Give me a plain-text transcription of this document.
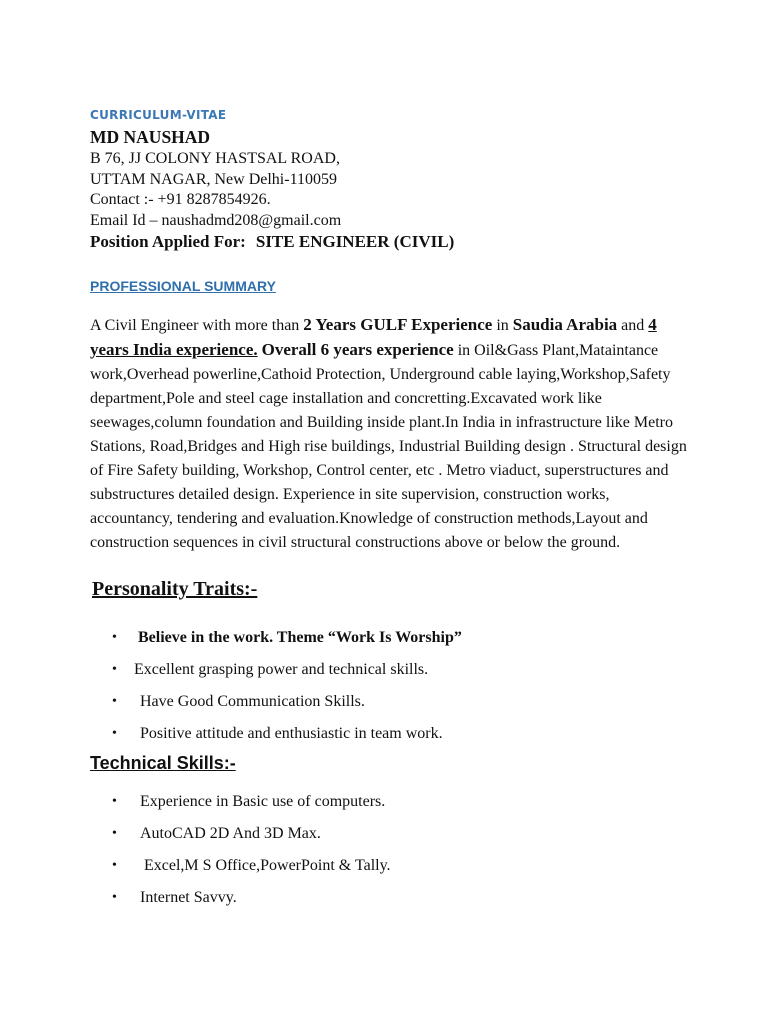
CURRICULUM-VITAE
MD NAUSHAD
B 76, JJ COLONY HASTSAL ROAD,
UTTAM NAGAR, New Delhi-110059
Contact :- +91 8287854926.
Email Id – naushadmd208@gmail.com
Position Applied For: SITE ENGINEER (CIVIL)
PROFESSIONAL SUMMARY

A Civil Engineer with more than 2 Years GULF Experience in Saudia Arabia and 4 years India experience. Overall 6 years experience in Oil&Gass Plant,Mataintance work,Overhead powerline,Cathoid Protection, Underground cable laying,Workshop,Safety department,Pole and steel cage installation and concretting.Excavated work like seewages,column foundation and Building inside plant.In India in infrastructure like Metro Stations, Road,Bridges and High rise buildings, Industrial Building design . Structural design of Fire Safety building, Workshop, Control center, etc . Metro viaduct, superstructures and substructures detailed design. Experience in site supervision, construction works, accountancy, tendering and evaluation.Knowledge of construction methods,Layout and construction sequences in civil structural constructions above or below the ground.

Personality Traits:-
• Believe in the work. Theme “Work Is Worship”
• Excellent grasping power and technical skills.
• Have Good Communication Skills.
• Positive attitude and enthusiastic in team work.
Technical Skills:-
• Experience in Basic use of computers.
• AutoCAD 2D And 3D Max.
• Excel,M S Office,PowerPoint & Tally.
• Internet Savvy.
